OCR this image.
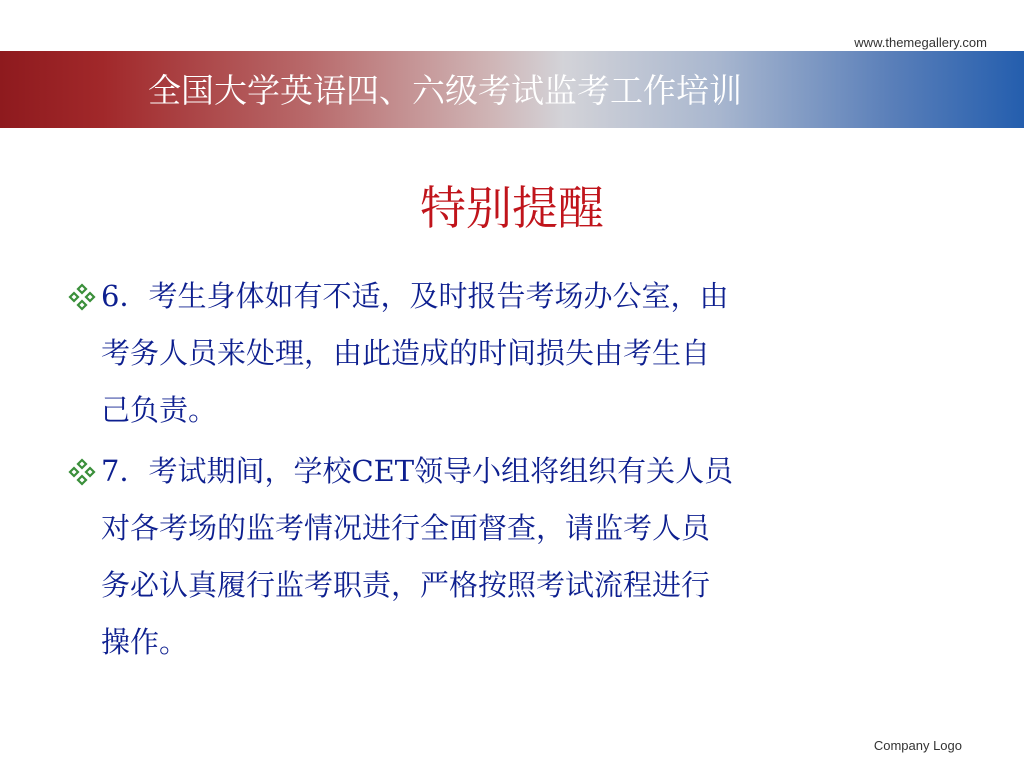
www.themegallery.com
全国大学英语四、六级考试监考工作培训
特别提醒
6．考生身体如有不适，及时报告考场办公室，由
考务人员来处理，由此造成的时间损失由考生自
己负责。
7．考试期间，学校CET领导小组将组织有关人员
对各考场的监考情况进行全面督查，请监考人员
务必认真履行监考职责，严格按照考试流程进行
操作。
Company Logo
